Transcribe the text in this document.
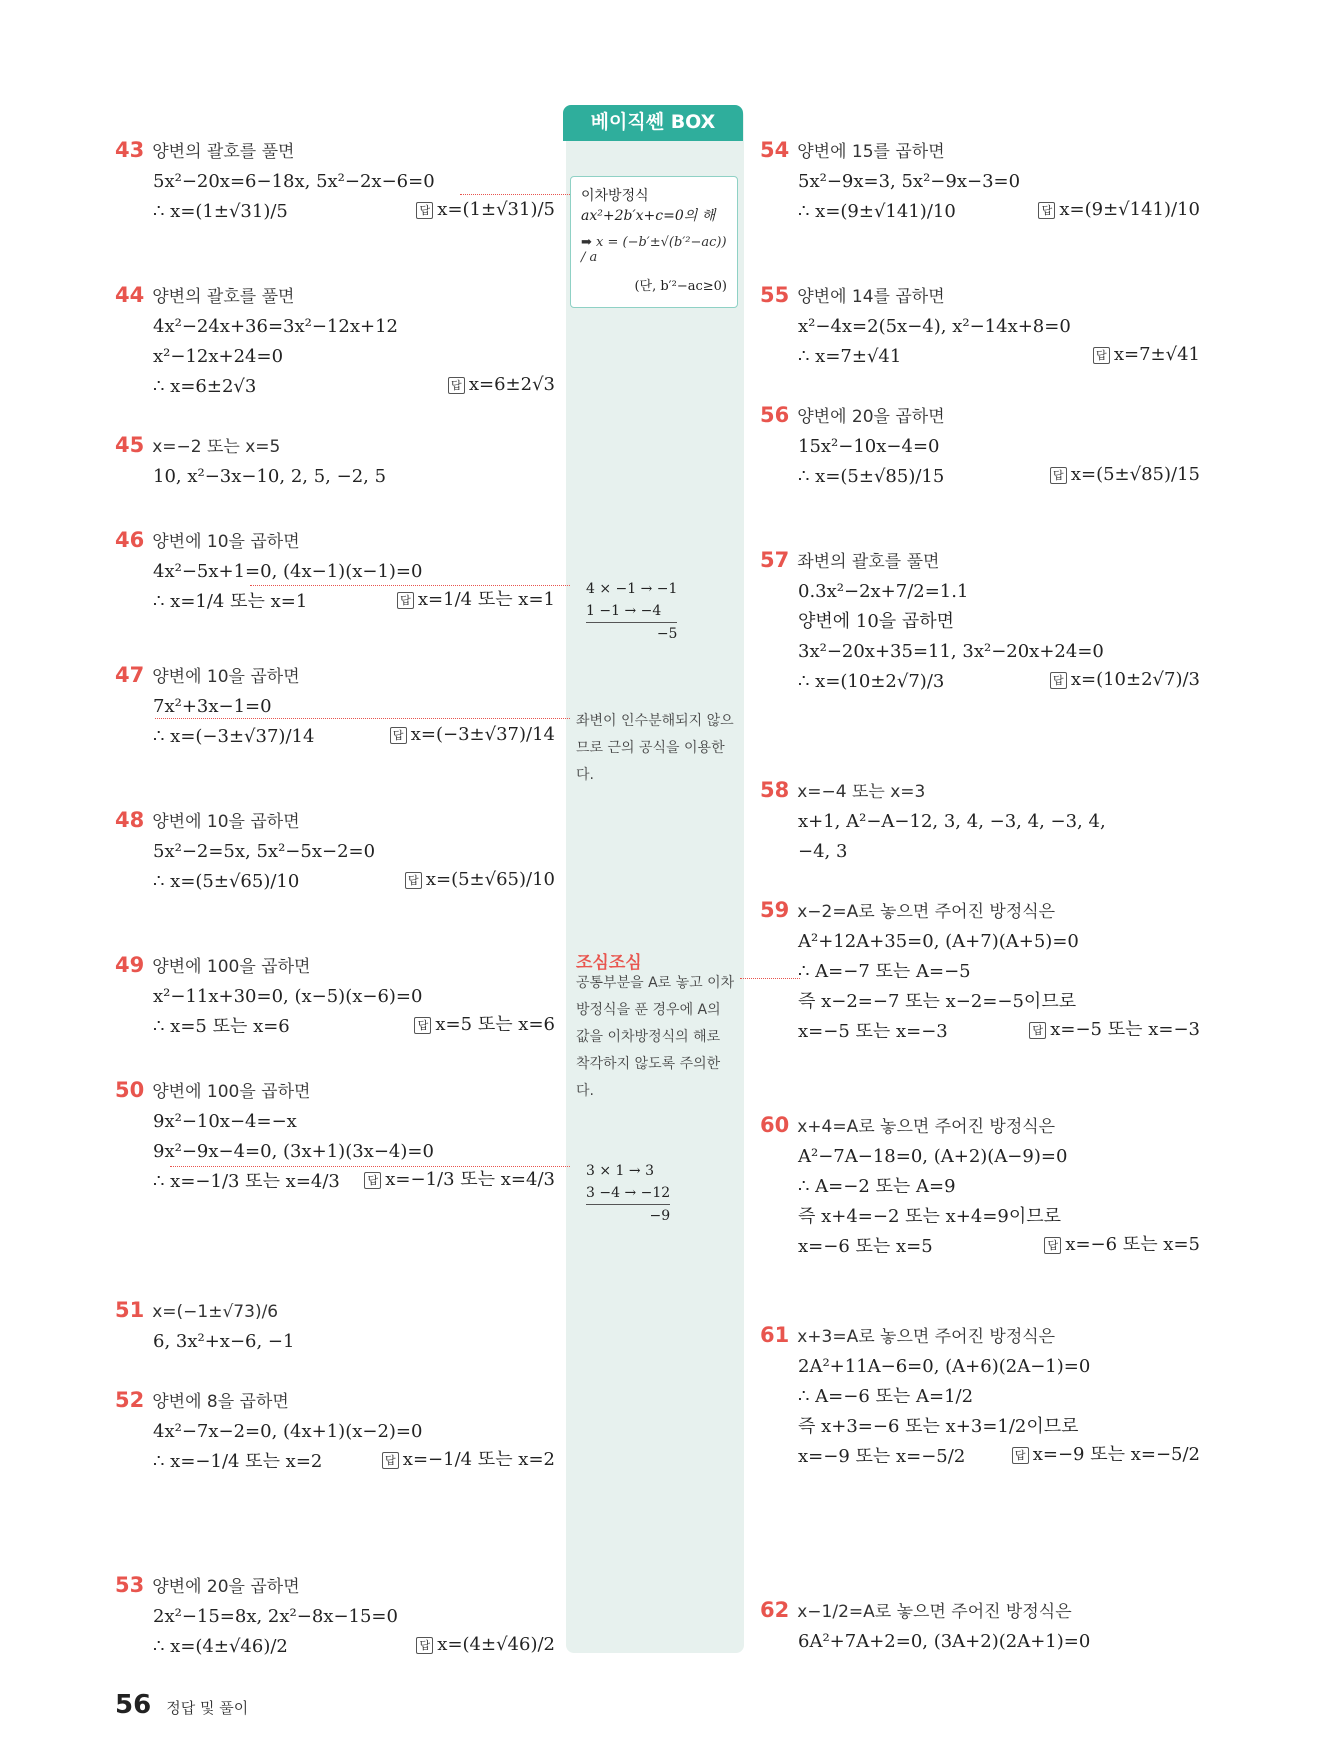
베이직쎈 BOX
이차방정식
ax²+2b′x+c=0의 해
➡ x = (−b′±√(b′²−ac)) / a
(단, b′²−ac≥0)
4 ⨯ −1 → −1
1 −1 → −4
−5
좌변이 인수분해되지 않으므로 근의 공식을 이용한다.
조심조심
공통부분을 A로 놓고 이차방정식을 푼 경우에 A의 값을 이차방정식의 해로 착각하지 않도록 주의한다.
3 ⨯ 1 → 3
3 −4 → −12
−9
43 양변의 괄호를 풀면
5x²−20x=6−18x, 5x²−2x−6=0
∴ x=(1±√31)/5	답 x=(1±√31)/5
44 양변의 괄호를 풀면
4x²−24x+36=3x²−12x+12
x²−12x+24=0
∴ x=6±2√3	답 x=6±2√3
45 x=−2 또는 x=5
10, x²−3x−10, 2, 5, −2, 5
46 양변에 10을 곱하면
4x²−5x+1=0, (4x−1)(x−1)=0
∴ x=1/4 또는 x=1	답 x=1/4 또는 x=1
47 양변에 10을 곱하면
7x²+3x−1=0
∴ x=(−3±√37)/14	답 x=(−3±√37)/14
48 양변에 10을 곱하면
5x²−2=5x, 5x²−5x−2=0
∴ x=(5±√65)/10	답 x=(5±√65)/10
49 양변에 100을 곱하면
x²−11x+30=0, (x−5)(x−6)=0
∴ x=5 또는 x=6	답 x=5 또는 x=6
50 양변에 100을 곱하면
9x²−10x−4=−x
9x²−9x−4=0, (3x+1)(3x−4)=0
∴ x=−1/3 또는 x=4/3	답 x=−1/3 또는 x=4/3
51 x=(−1±√73)/6
6, 3x²+x−6, −1
52 양변에 8을 곱하면
4x²−7x−2=0, (4x+1)(x−2)=0
∴ x=−1/4 또는 x=2	답 x=−1/4 또는 x=2
53 양변에 20을 곱하면
2x²−15=8x, 2x²−8x−15=0
∴ x=(4±√46)/2	답 x=(4±√46)/2
54 양변에 15를 곱하면
5x²−9x=3, 5x²−9x−3=0
∴ x=(9±√141)/10	답 x=(9±√141)/10
55 양변에 14를 곱하면
x²−4x=2(5x−4), x²−14x+8=0
∴ x=7±√41	답 x=7±√41
56 양변에 20을 곱하면
15x²−10x−4=0
∴ x=(5±√85)/15	답 x=(5±√85)/15
57 좌변의 괄호를 풀면
0.3x²−2x+7/2=1.1
양변에 10을 곱하면
3x²−20x+35=11, 3x²−20x+24=0
∴ x=(10±2√7)/3	답 x=(10±2√7)/3
58 x=−4 또는 x=3
x+1, A²−A−12, 3, 4, −3, 4, −3, 4,
−4, 3
59 x−2=A로 놓으면 주어진 방정식은
A²+12A+35=0, (A+7)(A+5)=0
∴ A=−7 또는 A=−5
즉 x−2=−7 또는 x−2=−5이므로
x=−5 또는 x=−3	답 x=−5 또는 x=−3
60 x+4=A로 놓으면 주어진 방정식은
A²−7A−18=0, (A+2)(A−9)=0
∴ A=−2 또는 A=9
즉 x+4=−2 또는 x+4=9이므로
x=−6 또는 x=5	답 x=−6 또는 x=5
61 x+3=A로 놓으면 주어진 방정식은
2A²+11A−6=0, (A+6)(2A−1)=0
∴ A=−6 또는 A=1/2
즉 x+3=−6 또는 x+3=1/2이므로
x=−9 또는 x=−5/2	답 x=−9 또는 x=−5/2
62 x−1/2=A로 놓으면 주어진 방정식은
6A²+7A+2=0, (3A+2)(2A+1)=0
56 정답 및 풀이
